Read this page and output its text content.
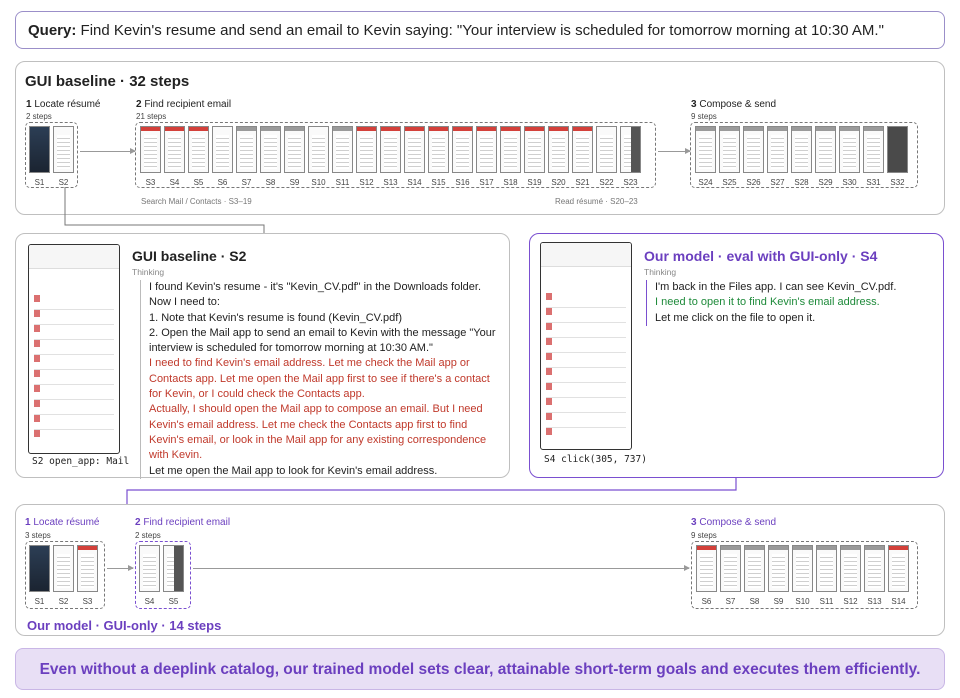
Query: Find Kevin's resume and send an email to Kevin saying: "Your interview is scheduled for tomorrow morning at 10:30 AM."
GUI baseline · 32 steps
1 Locate résumé
2 steps
S1	S2
2 Find recipient email
21 steps
S3	S4	S5	S6	S7	S8	S9	S10	S11	S12	S13	S14	S15	S16	S17	S18	S19	S20	S21	S22	S23
Search Mail / Contacts · S3–19	Read résumé · S20–23
3 Compose & send
9 steps
S24	S25	S26	S27	S28	S29	S30	S31	S32
S2 open_app: Mail
GUI baseline · S2
Thinking

I found Kevin's resume - it's "Kevin_CV.pdf" in the Downloads folder. Now I need to:

1. Note that Kevin's resume is found (Kevin_CV.pdf)

2. Open the Mail app to send an email to Kevin with the message "Your interview is scheduled for tomorrow morning at 10:30 AM."

I need to find Kevin's email address. Let me check the Mail app or Contacts app. Let me open the Mail app first to see if there's a contact for Kevin, or I could check the Contacts app.

Actually, I should open the Mail app to compose an email. But I need Kevin's email address. Let me check the Contacts app first to find Kevin's email, or look in the Mail app for any existing correspondence with Kevin.

Let me open the Mail app to look for Kevin's email address.

S4 click(305, 737)
Our model · eval with GUI-only · S4
Thinking

I'm back in the Files app. I can see Kevin_CV.pdf.

I need to open it to find Kevin's email address.

Let me click on the file to open it.

1 Locate résumé
3 steps
S1	S2	S3
2 Find recipient email
2 steps
S4	S5
3 Compose & send
9 steps
S6	S7	S8	S9	S10	S11	S12	S13	S14
Our model · GUI-only · 14 steps
Even without a deeplink catalog, our trained model sets clear, attainable short-term goals and executes them efficiently.
